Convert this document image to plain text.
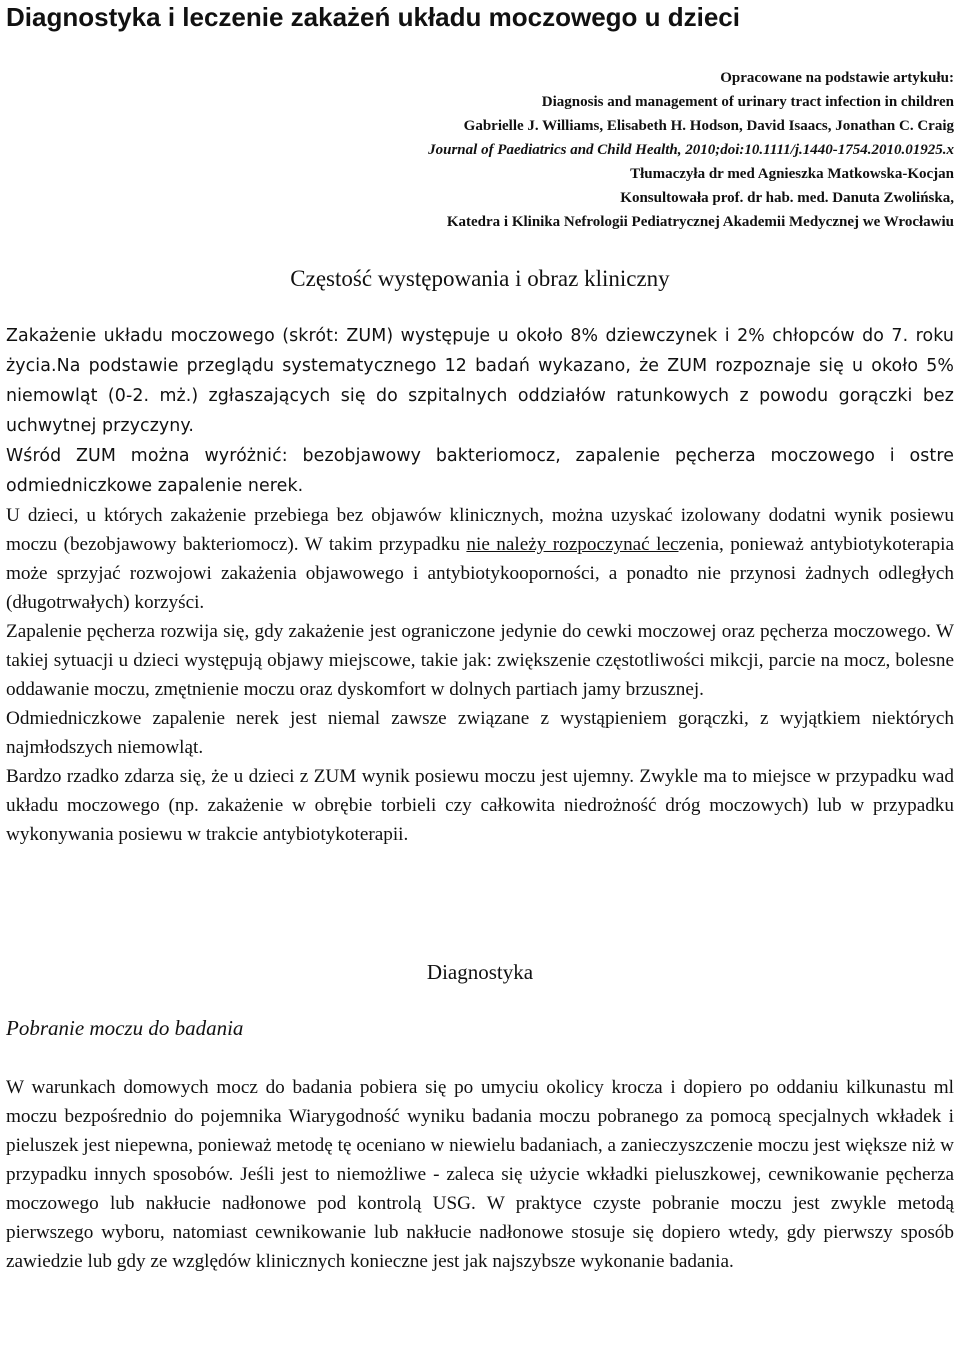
Diagnostyka i leczenie zakażeń układu moczowego u dzieci
Opracowane na podstawie artykułu:
Diagnosis and management of urinary tract infection in children
Gabrielle J. Williams, Elisabeth H. Hodson, David Isaacs, Jonathan C. Craig
Journal of Paediatrics and Child Health, 2010;doi:10.1111/j.1440-1754.2010.01925.x
Tłumaczyła dr med Agnieszka Matkowska-Kocjan
Konsultowała prof. dr hab. med. Danuta Zwolińska,
Katedra i Klinika Nefrologii Pediatrycznej Akademii Medycznej we Wrocławiu
Częstość występowania i obraz kliniczny

Zakażenie układu moczowego (skrót: ZUM) występuje u około 8% dziewczynek i 2% chłopców do 7. roku życia.Na podstawie przeglądu systematycznego 12 badań wykazano, że ZUM rozpoznaje się u około 5% niemowląt (0-2. mż.) zgłaszających się do szpitalnych oddziałów ratunkowych z powodu gorączki bez uchwytnej przyczyny.

Wśród ZUM można wyróżnić: bezobjawowy bakteriomocz, zapalenie pęcherza moczowego i ostre odmiedniczkowe zapalenie nerek.

U dzieci, u których zakażenie przebiega bez objawów klinicznych, można uzyskać izolowany dodatni wynik posiewu moczu (bezobjawowy bakteriomocz). W takim przypadku nie należy rozpoczynać leczenia, ponieważ antybiotykoterapia może sprzyjać rozwojowi zakażenia objawowego i antybiotykooporności, a ponadto nie przynosi żadnych odległych (długotrwałych) korzyści.

Zapalenie pęcherza rozwija się, gdy zakażenie jest ograniczone jedynie do cewki moczowej oraz pęcherza moczowego. W takiej sytuacji u dzieci występują objawy miejscowe, takie jak: zwiększenie częstotliwości mikcji, parcie na mocz, bolesne oddawanie moczu, zmętnienie moczu oraz dyskomfort w dolnych partiach jamy brzusznej.

Odmiedniczkowe zapalenie nerek jest niemal zawsze związane z wystąpieniem gorączki, z wyjątkiem niektórych najmłodszych niemowląt.

Bardzo rzadko zdarza się, że u dzieci z ZUM wynik posiewu moczu jest ujemny. Zwykle ma to miejsce w przypadku wad układu moczowego (np. zakażenie w obrębie torbieli czy całkowita niedrożność dróg moczowych) lub w przypadku wykonywania posiewu w trakcie antybiotykoterapii.

Diagnostyka
Pobranie moczu do badania

W warunkach domowych mocz do badania pobiera się po umyciu okolicy krocza i dopiero po oddaniu kilkunastu ml moczu bezpośrednio do pojemnika Wiarygodność wyniku badania moczu pobranego za pomocą specjalnych wkładek i pieluszek jest niepewna, ponieważ metodę tę oceniano w niewielu badaniach, a zanieczyszczenie moczu jest większe niż w przypadku innych sposobów. Jeśli jest to niemożliwe - zaleca się użycie wkładki pieluszkowej, cewnikowanie pęcherza moczowego lub nakłucie nadłonowe pod kontrolą USG. W praktyce czyste pobranie moczu jest zwykle metodą pierwszego wyboru, natomiast cewnikowanie lub nakłucie nadłonowe stosuje się dopiero wtedy, gdy pierwszy sposób zawiedzie lub gdy ze względów klinicznych konieczne jest jak najszybsze wykonanie badania.
